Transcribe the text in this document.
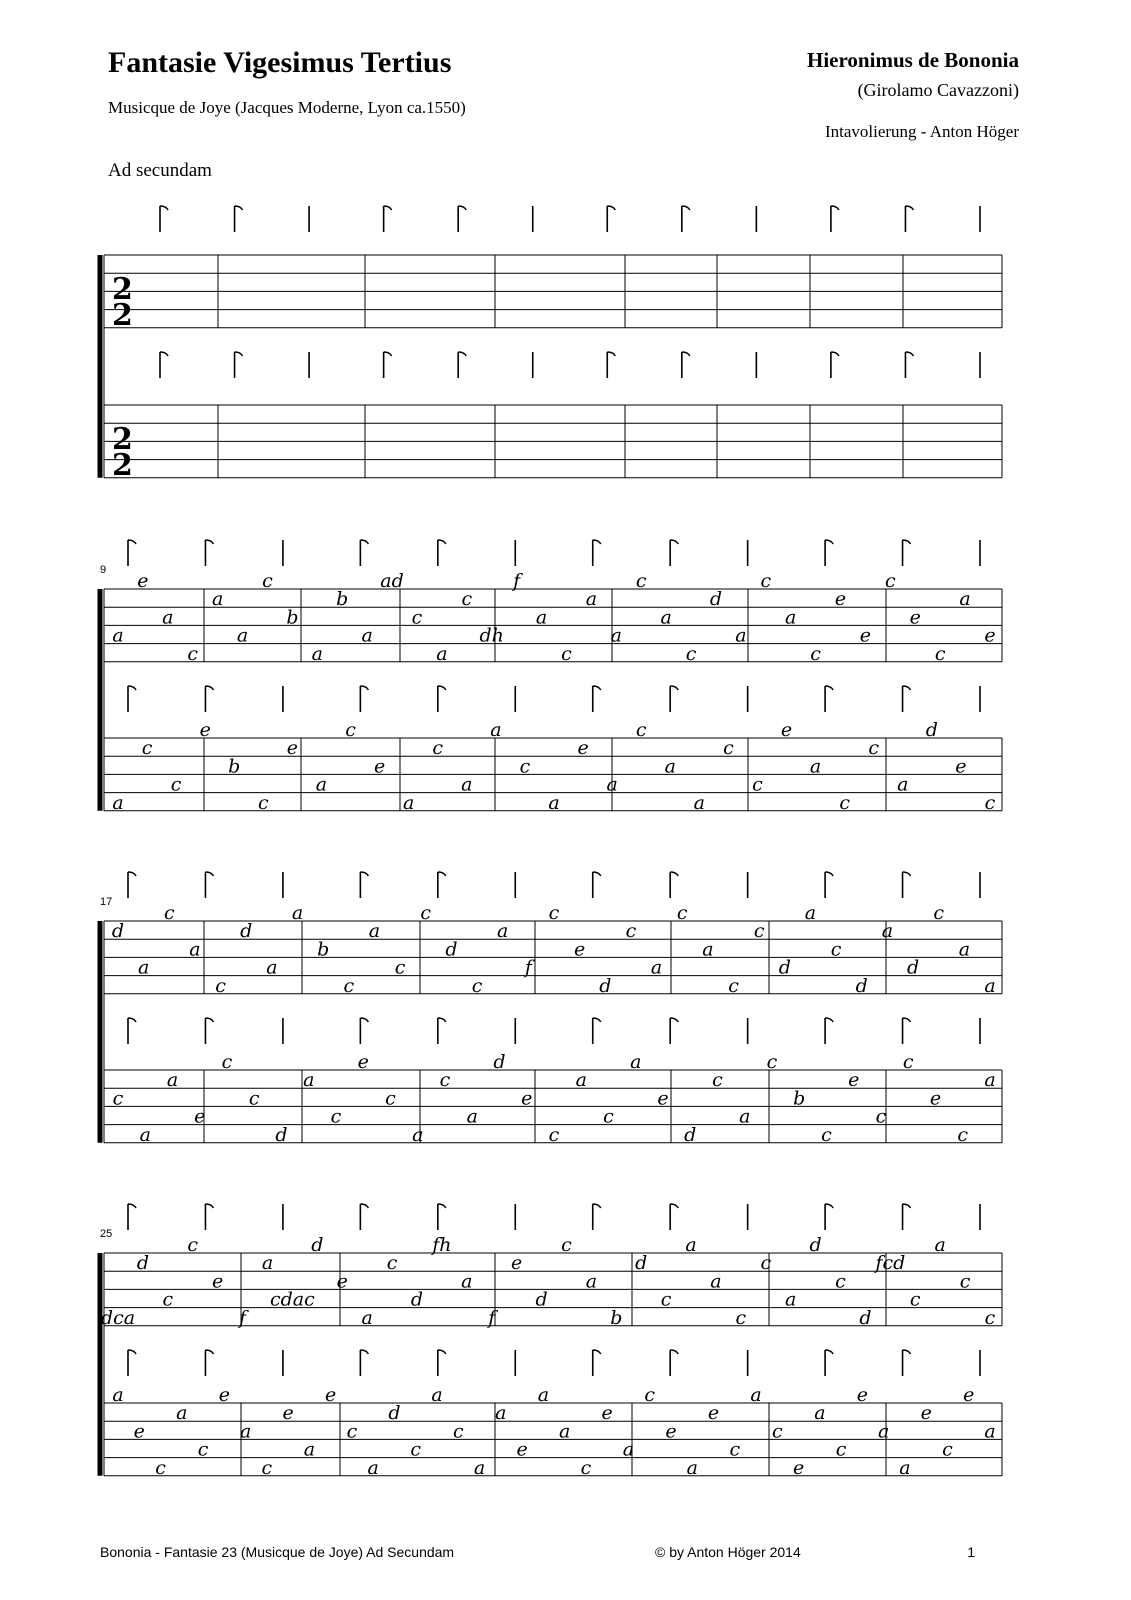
Fantasie Vigesimus Tertius
Musicque de Joye (Jacques Moderne, Lyon ca.1550)
Hieronimus de Bononia
(Girolamo Cavazzoni)
Intavolierung - Anton Höger
Ad secundam
2
2
2
2
a
e
a
c
a
a
c
b
a
b
a
ad
c
a
c
dh
f
a
c
a
a
c
a
c
d
a
c
a
c
e
e
c
e
c
a
e
a
c
c
e
b
c
e
a
c
e
a
c
a
a
c
a
e
a
c
a
a
c
c
e
a
c
c
a
d
e
c
9
d
a
c
a
c
d
a
a
b
c
a
c
c
d
c
a
f
c
e
d
c
a
c
a
c
c
d
a
c
d
a
d
c
a
a
c
a
a
e
c
c
d
a
c
e
c
a
c
a
d
e
c
a
c
a
e
d
c
a
c
b
c
e
c
c
e
c
a
17
dca
d
c
c
e
f
a
cdac
d
e
a
c
d
fh
a
f
e
d
c
a
b
d
c
a
a
c
c
a
d
c
d
fcd
c
a
c
c
a
e
c
a
c
e
a
c
e
a
e
c
a
d
c
a
c
a
a
e
a
a
c
e
a
c
e
a
e
c
a
c
e
a
c
e
a
a
e
c
e
a
25
Bononia - Fantasie 23 (Musicque de Joye) Ad Secundam	© by Anton Höger 2014	1
